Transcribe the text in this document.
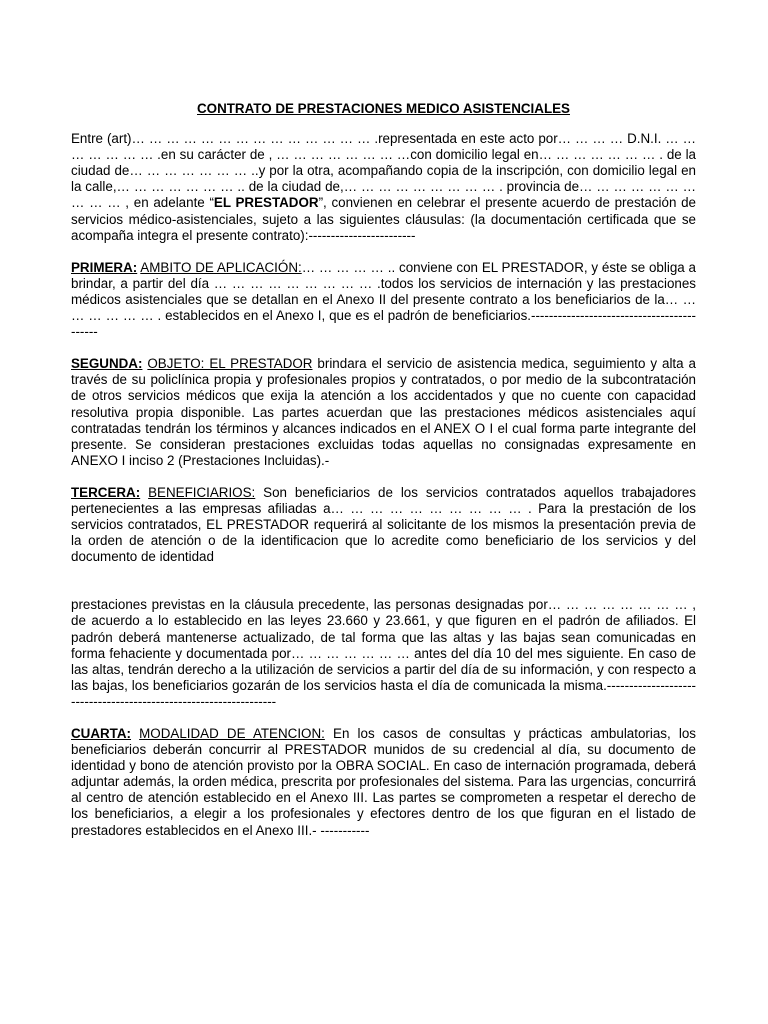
CONTRATO DE PRESTACIONES MEDICO ASISTENCIALES

Entre (art)… … … … … … … … … … … … … … .representada en este acto por… … … … D.N.I. … … … … … … … .en su carácter de , … … … … … … … …con domicilio legal en… … … … … … … . de la ciudad de… … … … … … … ..y por la otra, acompañando copia de la inscripción, con domicilio legal en la calle,… … … … … … … .. de la ciudad de,… … … … … … … … … . provincia de… … … … … … … … … … , en adelante “EL PRESTADOR”, convienen en celebrar el presente acuerdo de prestación de servicios médico-asistenciales, sujeto a las siguientes cláusulas: (la documentación certificada que se acompaña integra el presente contrato):------------------------

PRIMERA: AMBITO DE APLICACIÓN:… … … … … .. conviene con EL PRESTADOR, y éste se obliga a brindar, a partir del día … … … … … … … … … .todos los servicios de internación y las prestaciones médicos asistenciales que se detallan en el Anexo II del presente contrato a los beneficiarios de la… … … … … … … . establecidos en el Anexo I, que es el padrón de beneficiarios.-------------------------------------------

SEGUNDA: OBJETO: EL PRESTADOR brindara el servicio de asistencia medica, seguimiento y alta a través de su policlínica propia y profesionales propios y contratados, o por medio de la subcontratación de otros servicios médicos que exija la atención a los accidentados y que no cuente con capacidad resolutiva propia disponible. Las partes acuerdan que las prestaciones médicos asistenciales aquí contratadas tendrán los términos y alcances indicados en el ANEX O I el cual forma parte integrante del presente. Se consideran prestaciones excluidas todas aquellas no consignadas expresamente en ANEXO I inciso 2 (Prestaciones Incluidas).-

TERCERA: BENEFICIARIOS: Son beneficiarios de los servicios contratados aquellos trabajadores pertenecientes a las empresas afiliadas a… … … … … … … … … … . Para la prestación de los servicios contratados, EL PRESTADOR requerirá al solicitante de los mismos la presentación previa de la orden de atención o de la identificacion que lo acredite como beneficiario de los servicios y del documento de identidad

prestaciones previstas en la cláusula precedente, las personas designadas por… … … … … … … … , de acuerdo a lo establecido en las leyes 23.660 y 23.661, y que figuren en el padrón de afiliados. El padrón deberá mantenerse actualizado, de tal forma que las altas y las bajas sean comunicadas en forma fehaciente y documentada por… … … … … … … antes del día 10 del mes siguiente. En caso de las altas, tendrán derecho a la utilización de servicios a partir del día de su información, y con respecto a las bajas, los beneficiarios gozarán de los servicios hasta el día de comunicada la misma.------------------------------------------------------------------

CUARTA: MODALIDAD DE ATENCION: En los casos de consultas y prácticas ambulatorias, los beneficiarios deberán concurrir al PRESTADOR munidos de su credencial al día, su documento de identidad y bono de atención provisto por la OBRA SOCIAL. En caso de internación programada, deberá adjuntar además, la orden médica, prescrita por profesionales del sistema. Para las urgencias, concurrirá al centro de atención establecido en el Anexo III. Las partes se comprometen a respetar el derecho de los beneficiarios, a elegir a los profesionales y efectores dentro de los que figuran en el listado de prestadores establecidos en el Anexo III.- -----------
